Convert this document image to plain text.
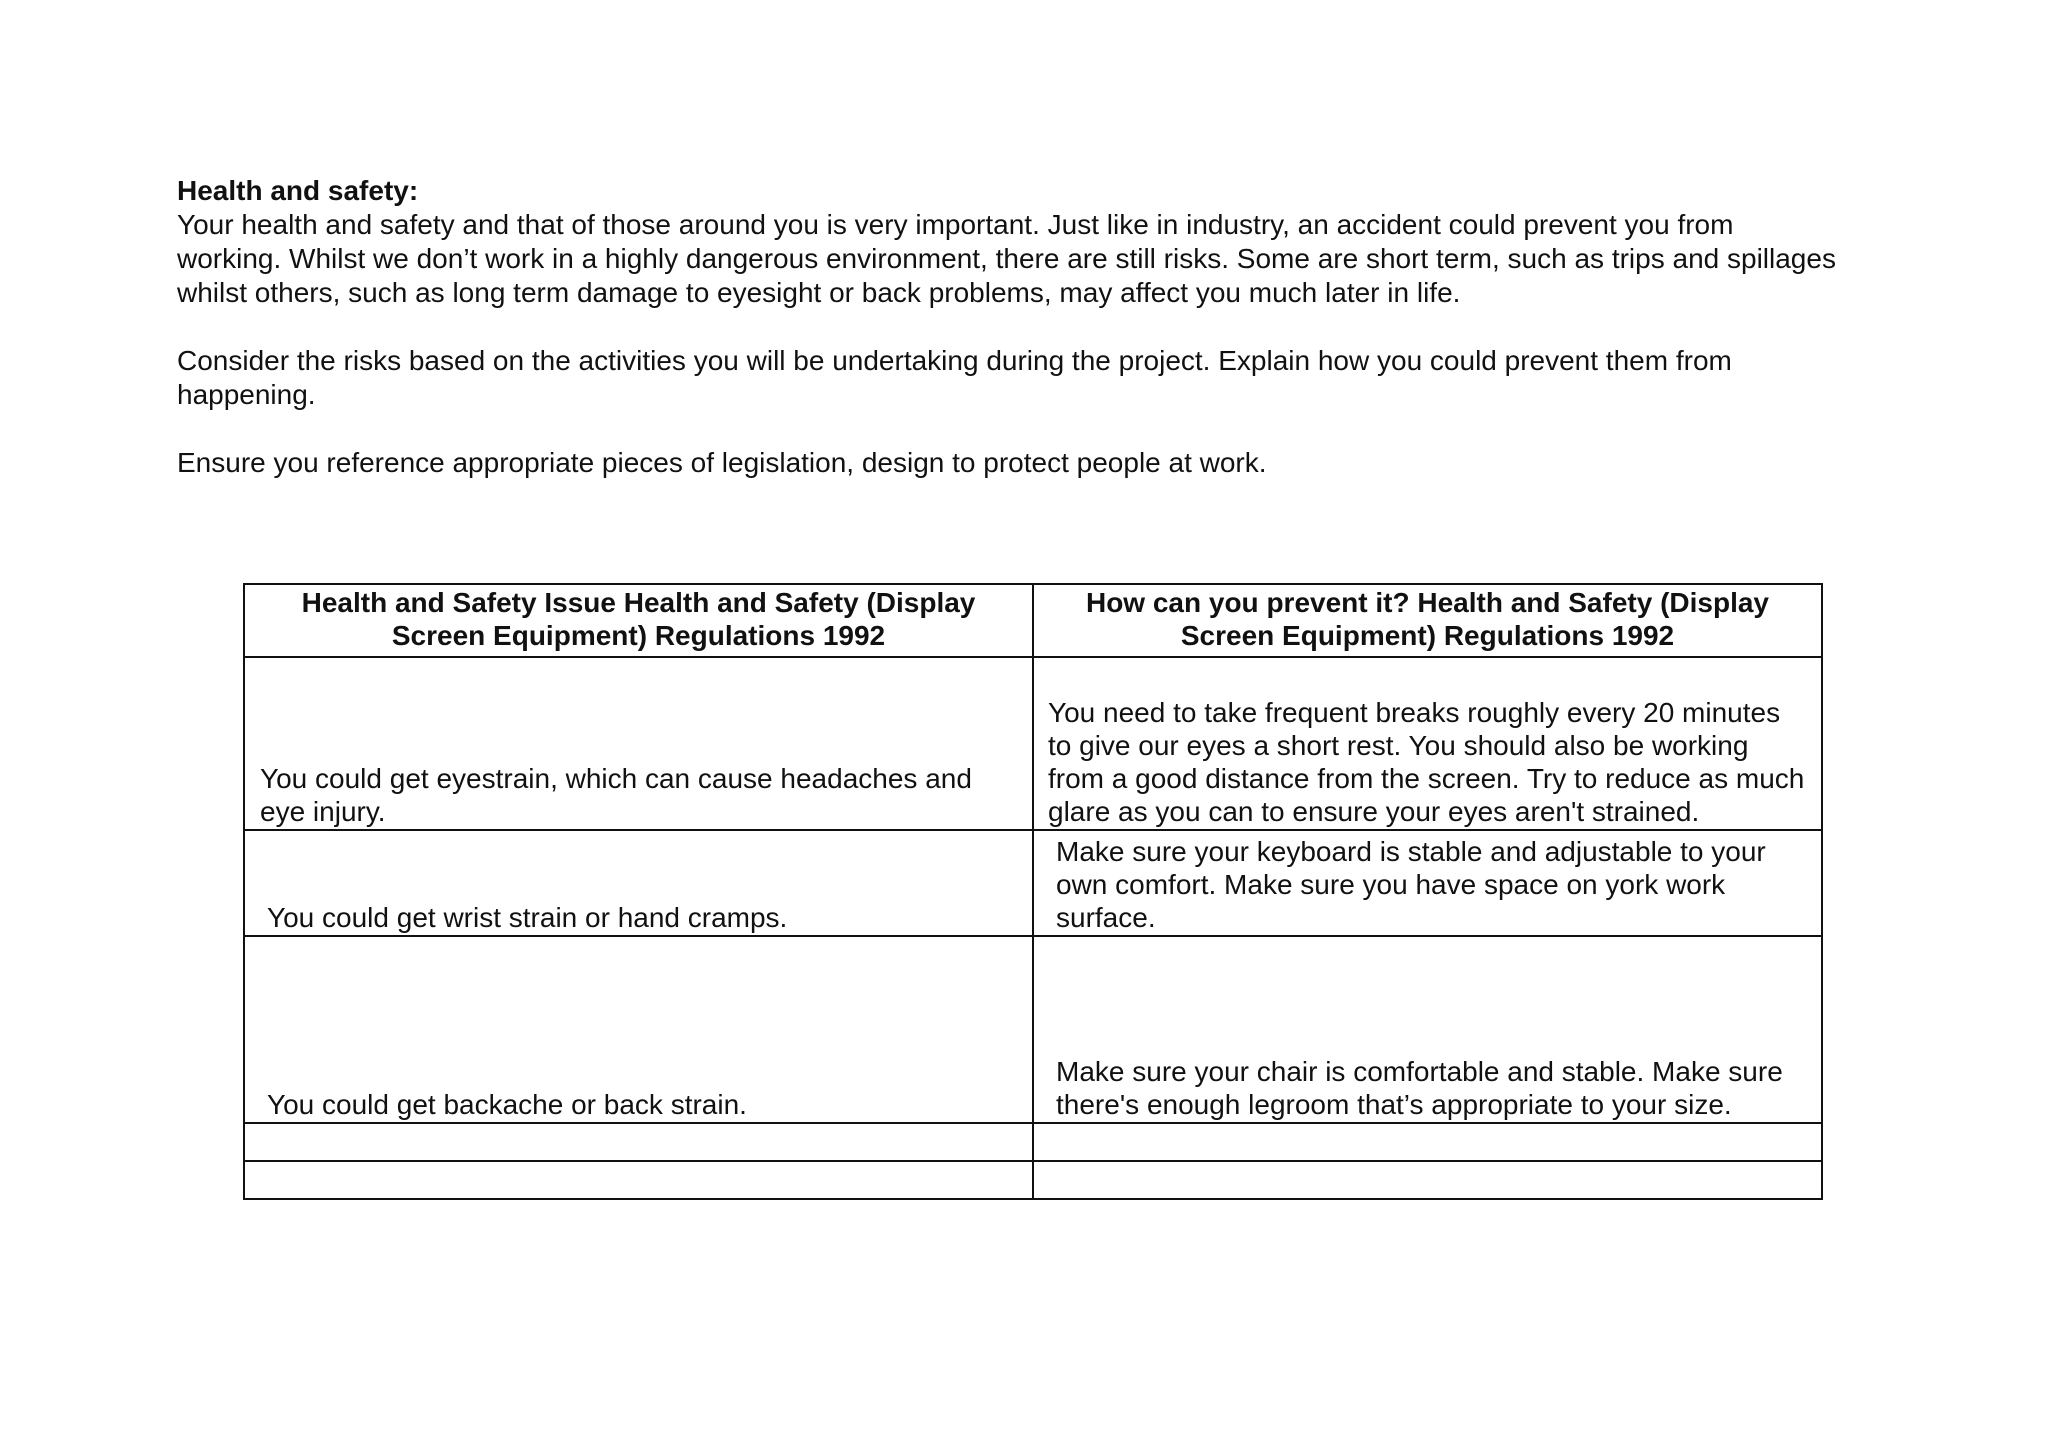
Health and safety:

Your health and safety and that of those around you is very important. Just like in industry, an accident could prevent you from working. Whilst we don’t work in a highly dangerous environment, there are still risks. Some are short term, such as trips and spillages whilst others, such as long term damage to eyesight or back problems, may affect you much later in life.

Consider the risks based on the activities you will be undertaking during the project. Explain how you could prevent them from happening.

Ensure you reference appropriate pieces of legislation, design to protect people at work.

Health and Safety Issue Health and Safety (Display Screen Equipment) Regulations 1992	How can you prevent it? Health and Safety (Display Screen Equipment) Regulations 1992
You could get eyestrain, which can cause headaches and eye injury.	You need to take frequent breaks roughly every 20 minutes to give our eyes a short rest. You should also be working from a good distance from the screen. Try to reduce as much glare as you can to ensure your eyes aren't strained.
You could get wrist strain or hand cramps.	Make sure your keyboard is stable and adjustable to your own comfort. Make sure you have space on york work surface.
You could get backache or back strain.	Make sure your chair is comfortable and stable. Make sure there's enough legroom that’s appropriate to your size.
